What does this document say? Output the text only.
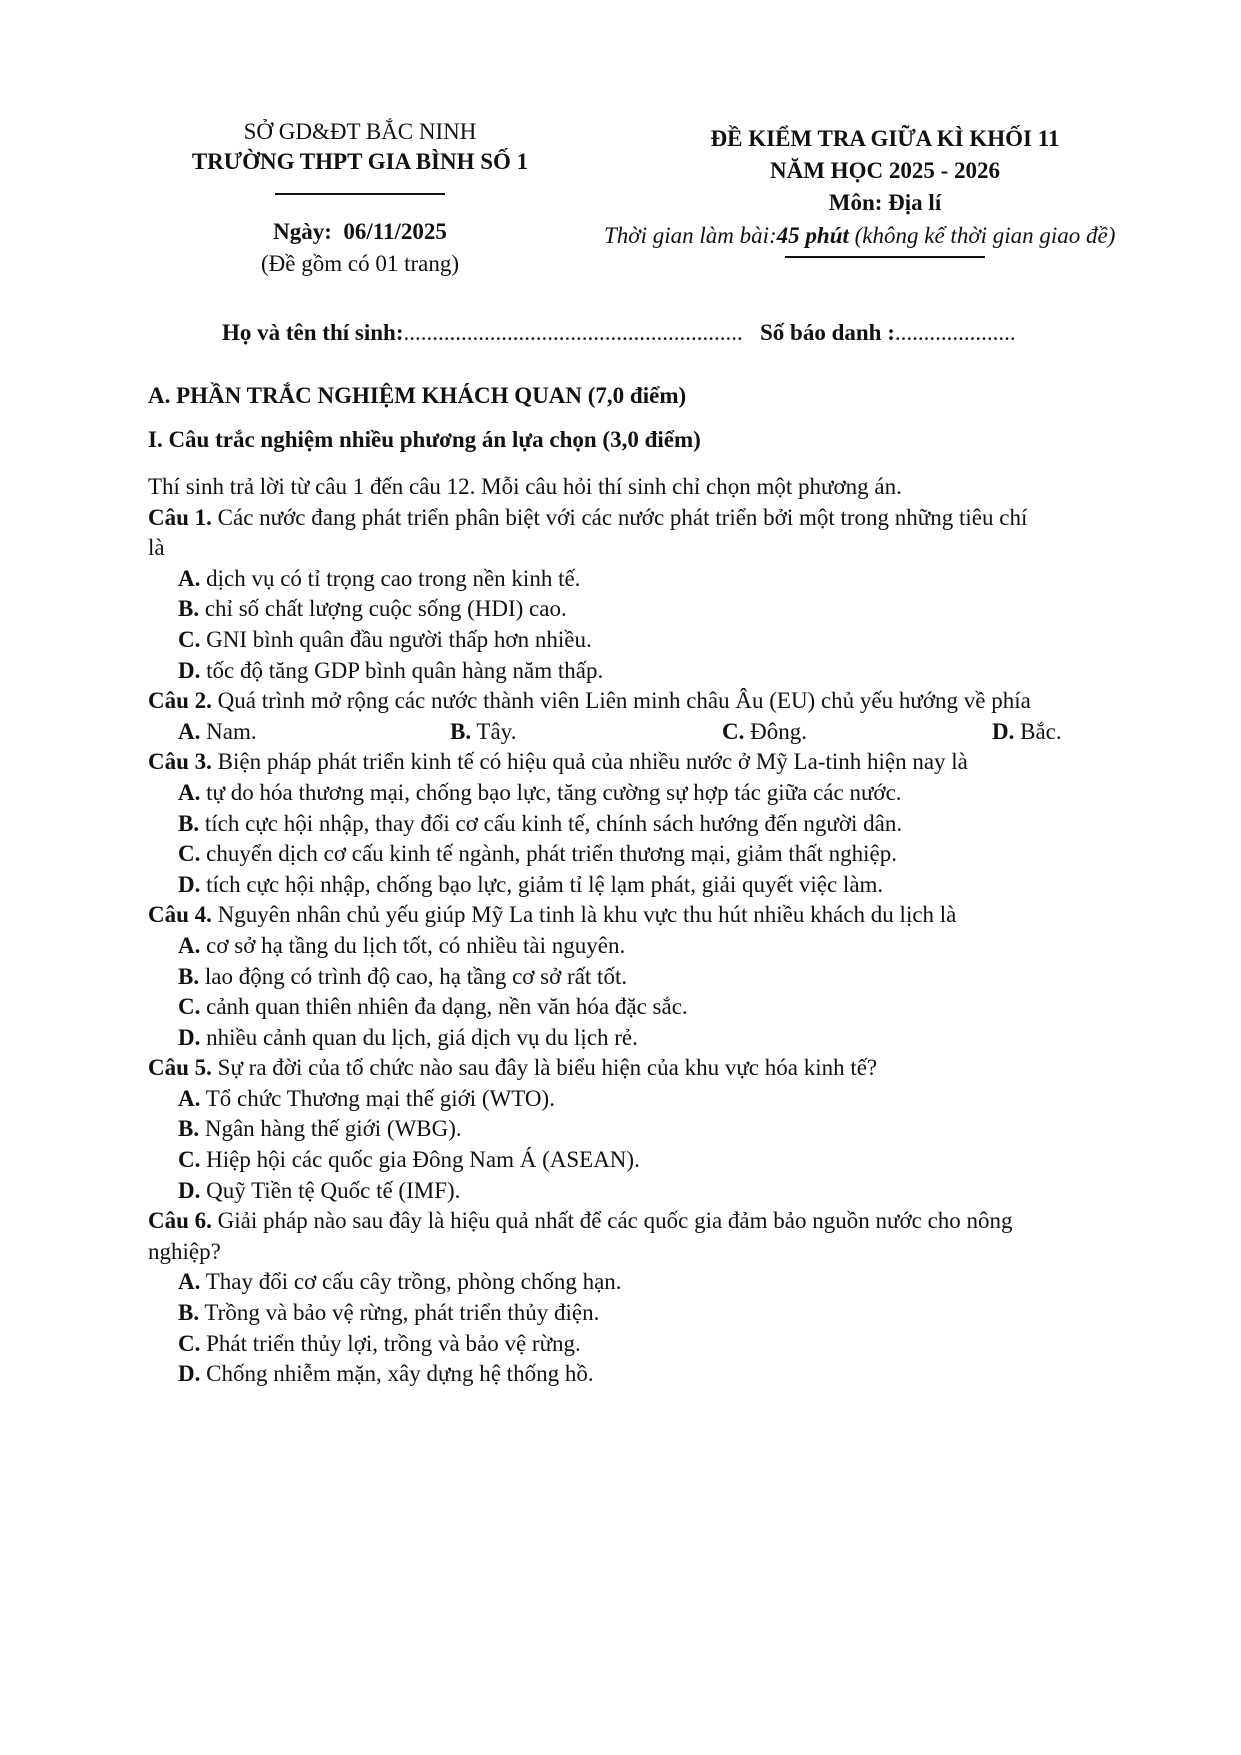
SỞ GD&ĐT BẮC NINH
TRƯỜNG THPT GIA BÌNH SỐ 1
Ngày: 06/11/2025
(Đề gồm có 01 trang)
ĐỀ KIỂM TRA GIỮA KÌ KHỐI 11
NĂM HỌC 2025 - 2026
Môn: Địa lí
Thời gian làm bài:45 phút (không kể thời gian giao đề)
Họ và tên thí sinh:........................................................... Số báo danh :.....................
A. PHẦN TRẮC NGHIỆM KHÁCH QUAN (7,0 điểm)
I. Câu trắc nghiệm nhiều phương án lựa chọn (3,0 điểm)
Thí sinh trả lời từ câu 1 đến câu 12. Mỗi câu hỏi thí sinh chỉ chọn một phương án.
Câu 1. Các nước đang phát triển phân biệt với các nước phát triển bởi một trong những tiêu chí
là
A. dịch vụ có tỉ trọng cao trong nền kinh tế.
B. chỉ số chất lượng cuộc sống (HDI) cao.
C. GNI bình quân đầu người thấp hơn nhiều.
D. tốc độ tăng GDP bình quân hàng năm thấp.
Câu 2. Quá trình mở rộng các nước thành viên Liên minh châu Âu (EU) chủ yếu hướng về phía
A. Nam.	B. Tây.	C. Đông.	D. Bắc.
Câu 3. Biện pháp phát triển kinh tế có hiệu quả của nhiều nước ở Mỹ La-tinh hiện nay là
A. tự do hóa thương mại, chống bạo lực, tăng cường sự hợp tác giữa các nước.
B. tích cực hội nhập, thay đổi cơ cấu kinh tế, chính sách hướng đến người dân.
C. chuyển dịch cơ cấu kinh tế ngành, phát triển thương mại, giảm thất nghiệp.
D. tích cực hội nhập, chống bạo lực, giảm tỉ lệ lạm phát, giải quyết việc làm.
Câu 4. Nguyên nhân chủ yếu giúp Mỹ La tinh là khu vực thu hút nhiều khách du lịch là
A. cơ sở hạ tầng du lịch tốt, có nhiều tài nguyên.
B. lao động có trình độ cao, hạ tầng cơ sở rất tốt.
C. cảnh quan thiên nhiên đa dạng, nền văn hóa đặc sắc.
D. nhiều cảnh quan du lịch, giá dịch vụ du lịch rẻ.
Câu 5. Sự ra đời của tổ chức nào sau đây là biểu hiện của khu vực hóa kinh tế?
A. Tổ chức Thương mại thế giới (WTO).
B. Ngân hàng thế giới (WBG).
C. Hiệp hội các quốc gia Đông Nam Á (ASEAN).
D. Quỹ Tiền tệ Quốc tế (IMF).
Câu 6. Giải pháp nào sau đây là hiệu quả nhất để các quốc gia đảm bảo nguồn nước cho nông
nghiệp?
A. Thay đổi cơ cấu cây trồng, phòng chống hạn.
B. Trồng và bảo vệ rừng, phát triển thủy điện.
C. Phát triển thủy lợi, trồng và bảo vệ rừng.
D. Chống nhiễm mặn, xây dựng hệ thống hồ.
